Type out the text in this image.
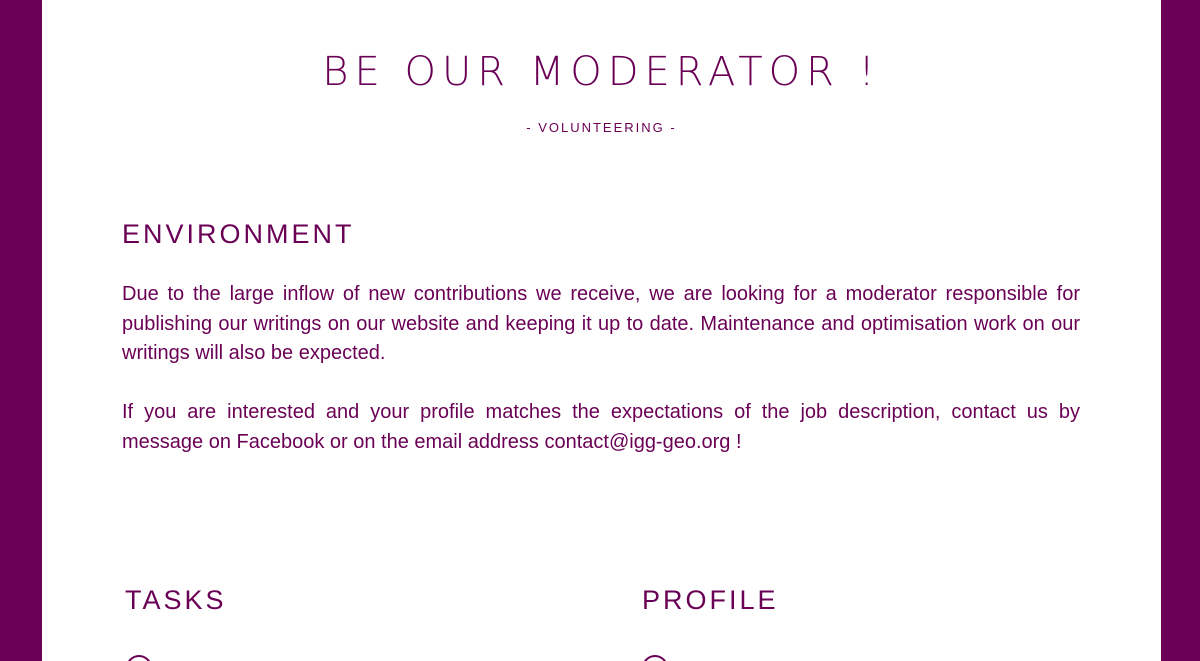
BE OUR MODERATOR !
- VOLUNTEERING -
ENVIRONMENT

Due to the large inflow of new contributions we receive, we are looking for a moderator responsible for publishing our writings on our website and keeping it up to date. Maintenance and optimisation work on our writings will also be expected.

If you are interested and your profile matches the expectations of the job description, contact us by message on Facebook or on the email address contact@igg-geo.org !

TASKS	PROFILE
